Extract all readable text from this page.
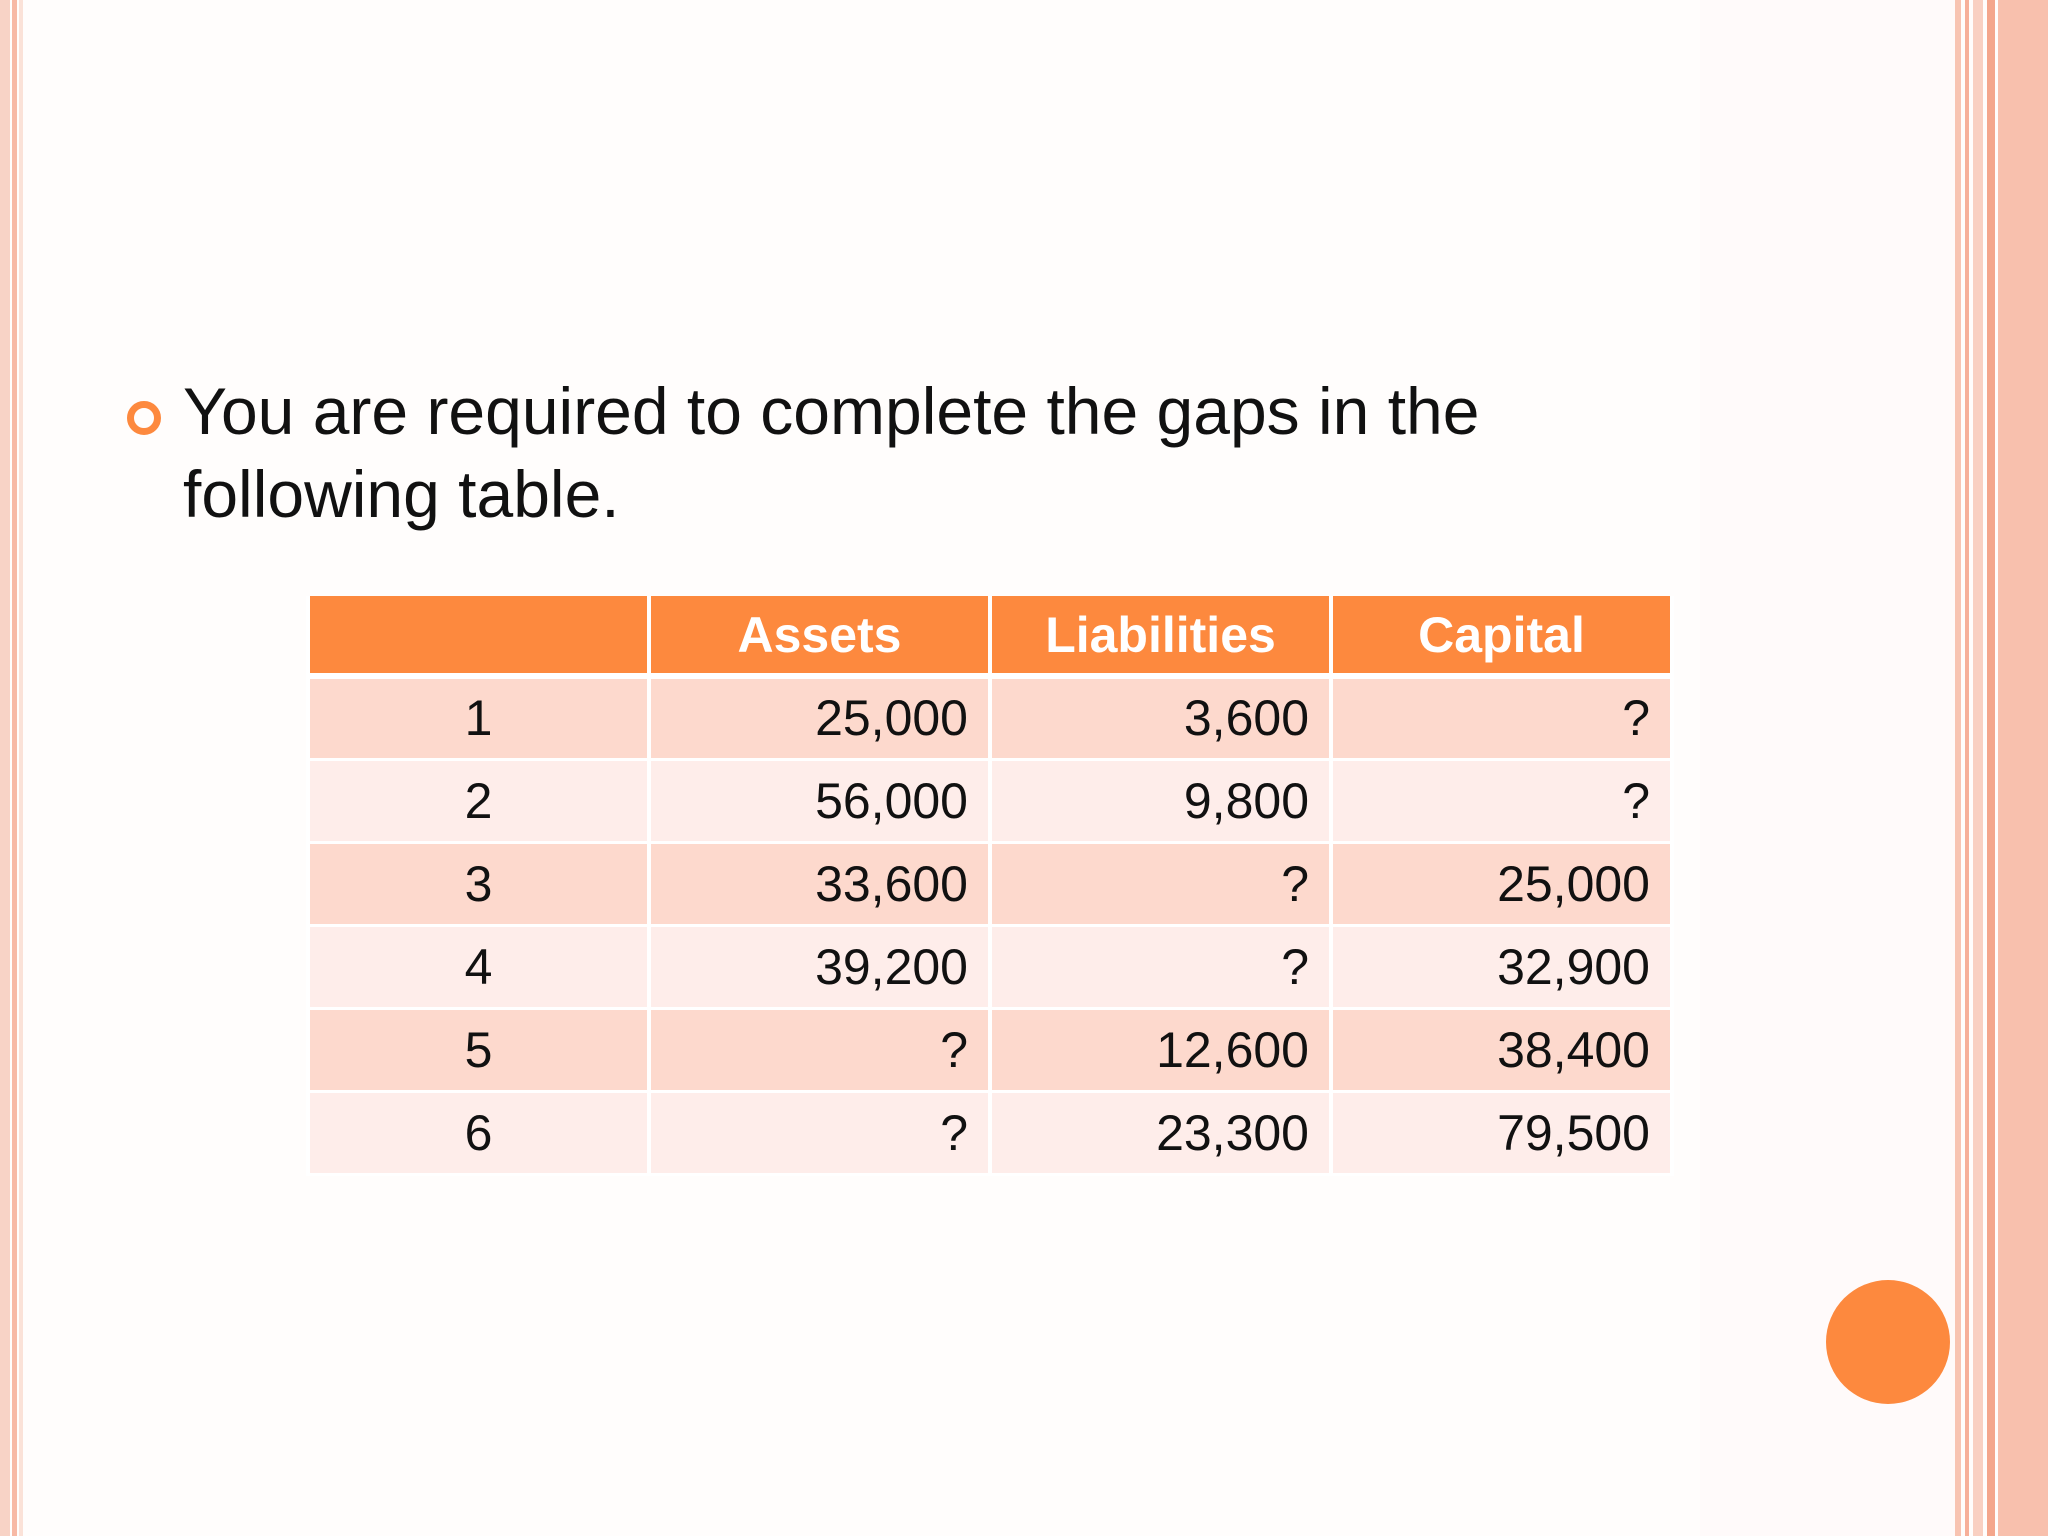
You are required to complete the gaps in the
following table.
	Assets	Liabilities	Capital
1	25,000	3,600	?
2	56,000	9,800	?
3	33,600	?	25,000
4	39,200	?	32,900
5	?	12,600	38,400
6	?	23,300	79,500
